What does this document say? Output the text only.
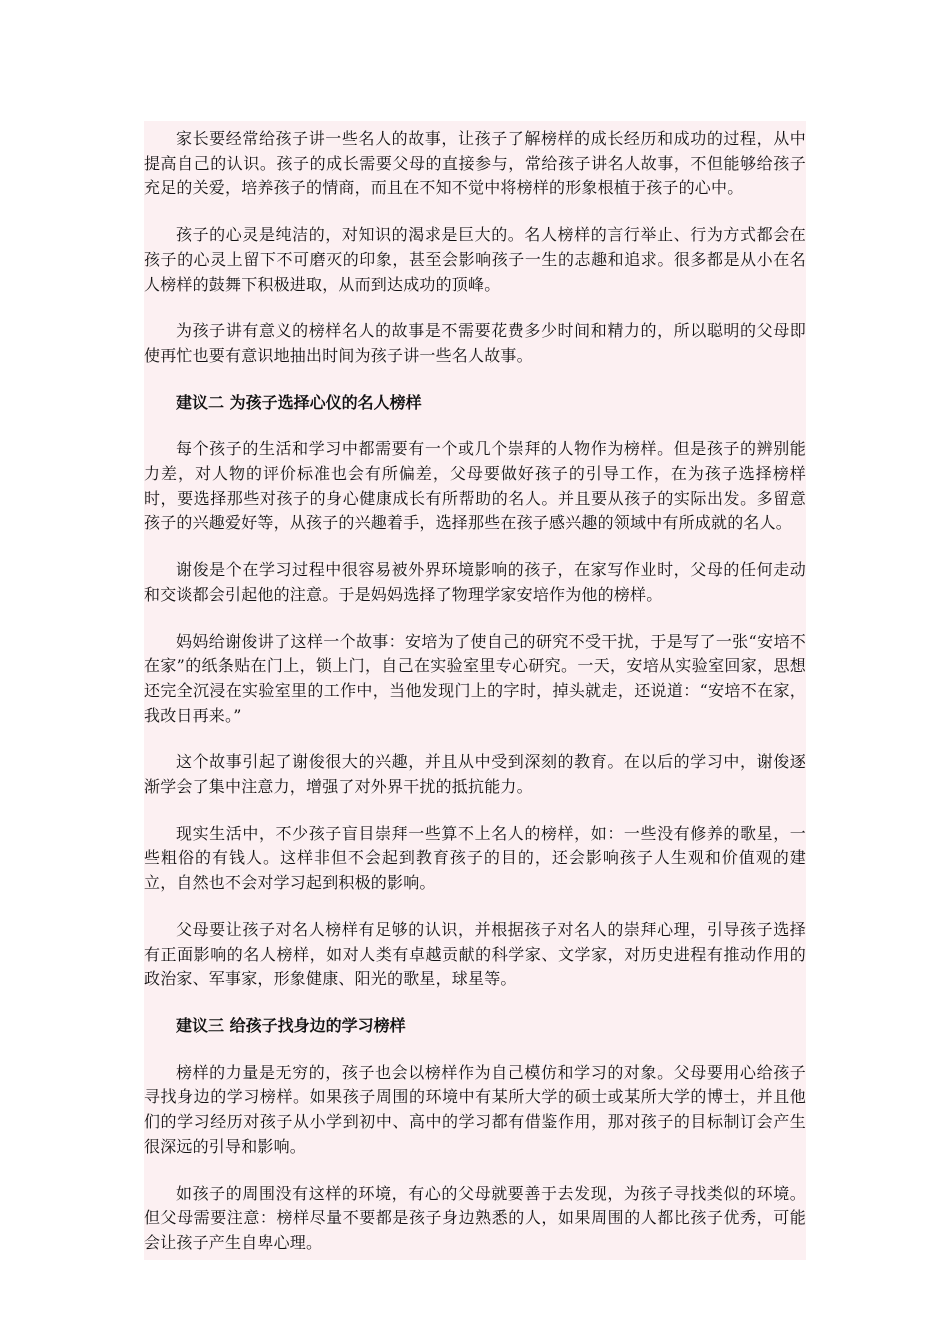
家长要经常给孩子讲一些名人的故事，让孩子了解榜样的成长经历和成功的过程，从中提高自己的认识。孩子的成长需要父母的直接参与，常给孩子讲名人故事，不但能够给孩子充足的关爱，培养孩子的情商，而且在不知不觉中将榜样的形象根植于孩子的心中。

孩子的心灵是纯洁的，对知识的渴求是巨大的。名人榜样的言行举止、行为方式都会在孩子的心灵上留下不可磨灭的印象，甚至会影响孩子一生的志趣和追求。很多都是从小在名人榜样的鼓舞下积极进取，从而到达成功的顶峰。

为孩子讲有意义的榜样名人的故事是不需要花费多少时间和精力的，所以聪明的父母即使再忙也要有意识地抽出时间为孩子讲一些名人故事。

建议二 为孩子选择心仪的名人榜样

每个孩子的生活和学习中都需要有一个或几个崇拜的人物作为榜样。但是孩子的辨别能力差，对人物的评价标准也会有所偏差，父母要做好孩子的引导工作，在为孩子选择榜样时，要选择那些对孩子的身心健康成长有所帮助的名人。并且要从孩子的实际出发。多留意孩子的兴趣爱好等，从孩子的兴趣着手，选择那些在孩子感兴趣的领域中有所成就的名人。

谢俊是个在学习过程中很容易被外界环境影响的孩子，在家写作业时，父母的任何走动和交谈都会引起他的注意。于是妈妈选择了物理学家安培作为他的榜样。

妈妈给谢俊讲了这样一个故事：安培为了使自己的研究不受干扰，于是写了一张“安培不在家”的纸条贴在门上，锁上门，自己在实验室里专心研究。一天，安培从实验室回家，思想还完全沉浸在实验室里的工作中，当他发现门上的字时，掉头就走，还说道：“安培不在家，我改日再来。”

这个故事引起了谢俊很大的兴趣，并且从中受到深刻的教育。在以后的学习中，谢俊逐渐学会了集中注意力，增强了对外界干扰的抵抗能力。

现实生活中，不少孩子盲目崇拜一些算不上名人的榜样，如：一些没有修养的歌星，一些粗俗的有钱人。这样非但不会起到教育孩子的目的，还会影响孩子人生观和价值观的建立，自然也不会对学习起到积极的影响。

父母要让孩子对名人榜样有足够的认识，并根据孩子对名人的崇拜心理，引导孩子选择有正面影响的名人榜样，如对人类有卓越贡献的科学家、文学家，对历史进程有推动作用的政治家、军事家，形象健康、阳光的歌星，球星等。

建议三 给孩子找身边的学习榜样

榜样的力量是无穷的，孩子也会以榜样作为自己模仿和学习的对象。父母要用心给孩子寻找身边的学习榜样。如果孩子周围的环境中有某所大学的硕士或某所大学的博士，并且他们的学习经历对孩子从小学到初中、高中的学习都有借鉴作用，那对孩子的目标制订会产生很深远的引导和影响。

如孩子的周围没有这样的环境，有心的父母就要善于去发现，为孩子寻找类似的环境。但父母需要注意：榜样尽量不要都是孩子身边熟悉的人，如果周围的人都比孩子优秀，可能会让孩子产生自卑心理。
